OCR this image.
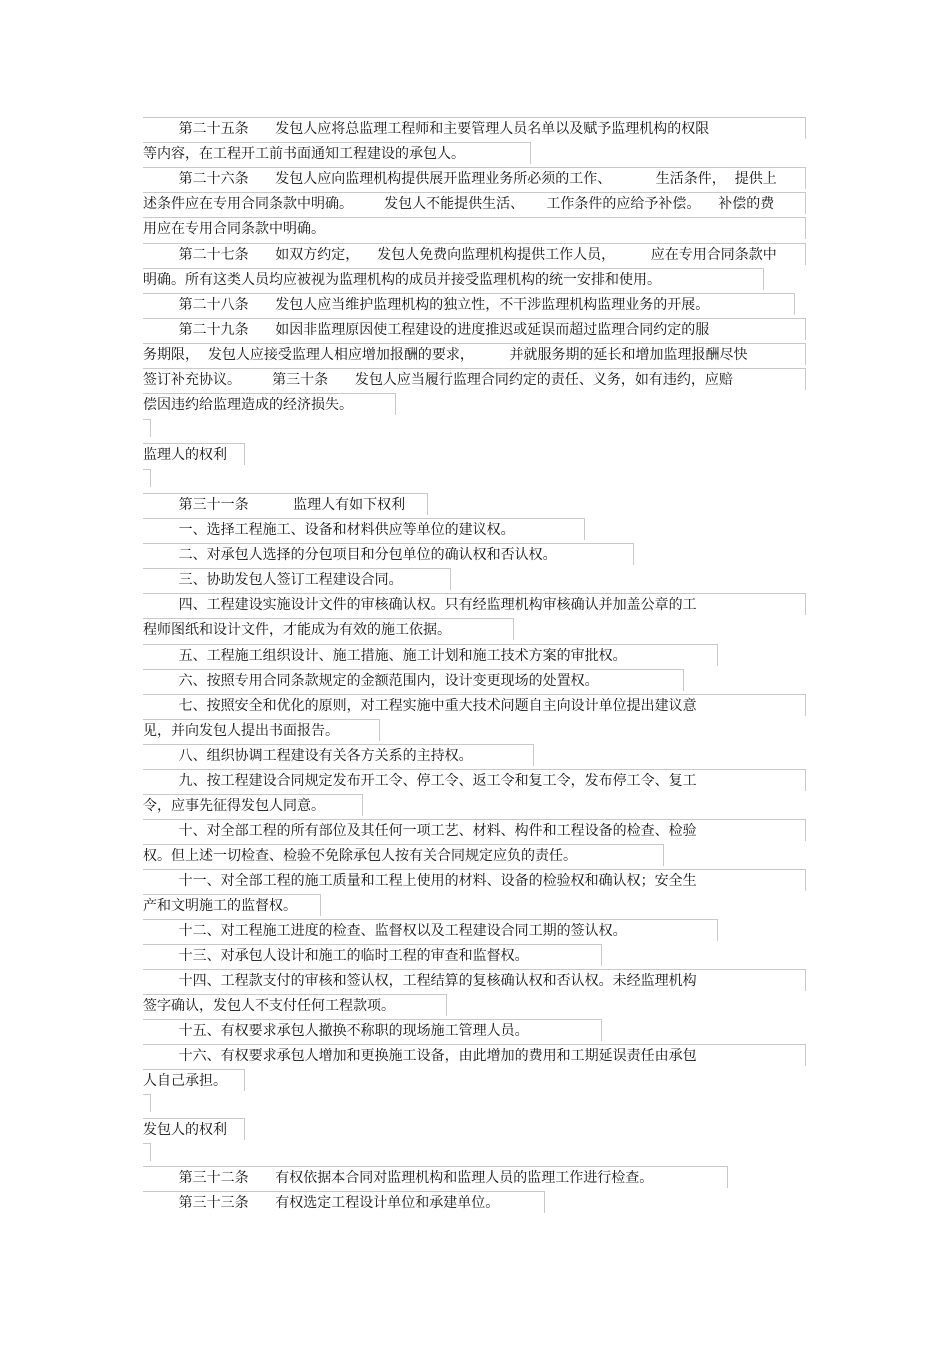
第二十五条      发包人应将总监理工程师和主要管理人员名单以及赋予监理机构的权限
等内容，在工程开工前书面通知工程建设的承包人。
第二十六条      发包人应向监理机构提供展开监理业务所必须的工作、          生活条件，  提供上
述条件应在专用合同条款中明确。       发包人不能提供生活、     工作条件的应给予补偿。    补偿的费
用应在专用合同条款中明确。
第二十七条      如双方约定，    发包人免费向监理机构提供工作人员，        应在专用合同条款中
明确。所有这类人员均应被视为监理机构的成员并接受监理机构的统一安排和使用。
第二十八条      发包人应当维护监理机构的独立性，不干涉监理机构监理业务的开展。
第二十九条      如因非监理原因使工程建设的进度推迟或延误而超过监理合同约定的服
务期限，  发包人应接受监理人相应增加报酬的要求，        并就服务期的延长和增加监理报酬尽快
签订补充协议。       第三十条      发包人应当履行监理合同约定的责任、义务，如有违约，应赔
偿因违约给监理造成的经济损失。
监理人的权利
第三十一条          监理人有如下权利
一、选择工程施工、设备和材料供应等单位的建议权。
二、对承包人选择的分包项目和分包单位的确认权和否认权。
三、协助发包人签订工程建设合同。
四、工程建设实施设计文件的审核确认权。只有经监理机构审核确认并加盖公章的工
程师图纸和设计文件，才能成为有效的施工依据。
五、工程施工组织设计、施工措施、施工计划和施工技术方案的审批权。
六、按照专用合同条款规定的金额范围内，设计变更现场的处置权。
七、按照安全和优化的原则，对工程实施中重大技术问题自主向设计单位提出建议意
见，并向发包人提出书面报告。
八、组织协调工程建设有关各方关系的主持权。
九、按工程建设合同规定发布开工令、停工令、返工令和复工令，发布停工令、复工
令，应事先征得发包人同意。
十、对全部工程的所有部位及其任何一项工艺、材料、构件和工程设备的检查、检验
权。但上述一切检查、检验不免除承包人按有关合同规定应负的责任。
十一、对全部工程的施工质量和工程上使用的材料、设备的检验权和确认权；安全生
产和文明施工的监督权。
十二、对工程施工进度的检查、监督权以及工程建设合同工期的签认权。
十三、对承包人设计和施工的临时工程的审查和监督权。
十四、工程款支付的审核和签认权，工程结算的复核确认权和否认权。未经监理机构
签字确认，发包人不支付任何工程款项。
十五、有权要求承包人撤换不称职的现场施工管理人员。
十六、有权要求承包人增加和更换施工设备，由此增加的费用和工期延误责任由承包
人自己承担。
发包人的权利
第三十二条      有权依据本合同对监理机构和监理人员的监理工作进行检查。
第三十三条      有权选定工程设计单位和承建单位。
